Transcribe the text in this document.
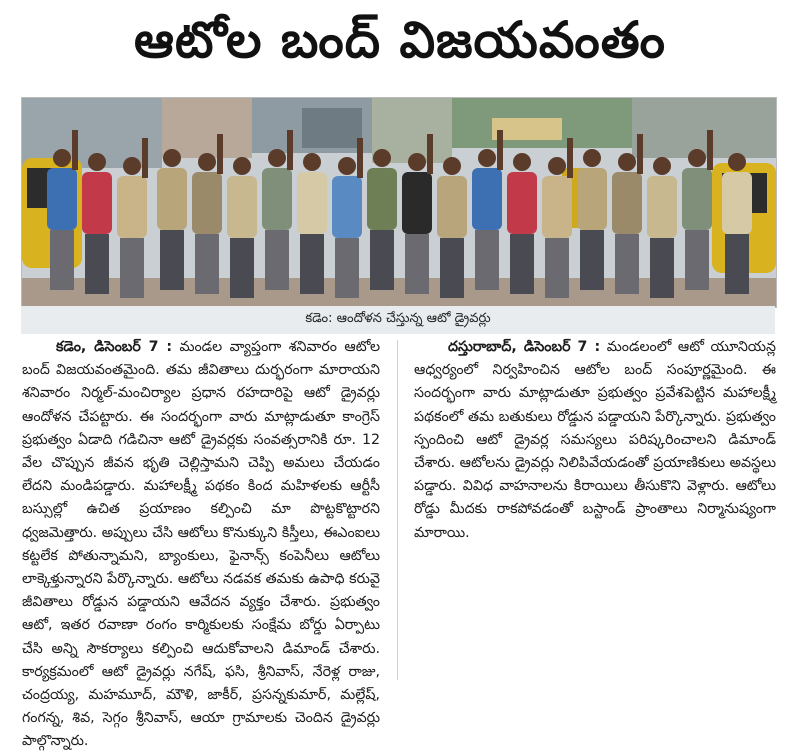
ఆటోల బంద్‌ విజయవంతం
కడెం: ఆందోళన చేస్తున్న ఆటో డ్రైవర్లు

కడెం, డిసెంబర్‌ 7 : మండల వ్యాప్తంగా శనివారం ఆటోల బంద్‌ విజయవంతమైంది. తమ జీవితాలు దుర్భరంగా మారాయని శనివారం నిర్మల్‌-మంచిర్యాల ప్రధాన రహదారిపై ఆటో డ్రైవర్లు ఆందోళన చేపట్టారు. ఈ సందర్భంగా వారు మాట్లాడుతూ కాంగ్రెస్‌ ప్రభుత్వం ఏడాది గడిచినా ఆటో డ్రైవర్లకు సంవత్సరానికి రూ. 12 వేల చొప్పున జీవన భృతి చెల్లిస్తామని చెప్పి అమలు చేయడం లేదని మండిపడ్డారు. మహాలక్ష్మీ పథకం కింద మహిళలకు ఆర్టీసీ బస్సుల్లో ఉచిత ప్రయాణం కల్పించి మా పొట్టకొట్టారని ధ్వజమెత్తారు. అప్పులు చేసి ఆటోలు కొనుక్కుని కిస్తీలు, ఈఎంఐలు కట్టలేక పోతున్నామని, బ్యాంకులు, ఫైనాన్స్‌ కంపెనీలు ఆటోలు లాక్కెళ్తున్నారని పేర్కొన్నారు. ఆటోలు నడవక తమకు ఉపాధి కరువై జీవితాలు రోడ్డున పడ్డాయని ఆవేదన వ్యక్తం చేశారు. ప్రభుత్వం ఆటో, ఇతర రవాణా రంగం కార్మికులకు సంక్షేమ బోర్డు ఏర్పాటు చేసి అన్ని సౌకర్యాలు కల్పించి ఆదుకోవాలని డిమాండ్‌ చేశారు. కార్యక్రమంలో ఆటో డ్రైవర్లు నగేష్‌, ఫసి, శ్రీనివాస్‌, నేరెళ్ల రాజు, చంద్రయ్య, మహమూద్‌, మౌళి, జాకీర్‌, ప్రసన్నకుమార్‌, మల్లేష్‌, గంగన్న, శివ, సెగ్గం శ్రీనివాస్‌, ఆయా గ్రామాలకు చెందిన డ్రైవర్లు పాల్గొన్నారు.

దస్తురాబాద్‌, డిసెంబర్‌ 7 : మండలంలో ఆటో యూనియన్ల ఆధ్వర్యంలో నిర్వహించిన ఆటోల బంద్‌ సంపూర్ణమైంది. ఈ సందర్భంగా వారు మాట్లాడుతూ ప్రభుత్వం ప్రవేశపెట్టిన మహాలక్ష్మీ పథకంలో తమ బతుకులు రోడ్డున పడ్డాయని పేర్కొన్నారు. ప్రభుత్వం స్పందించి ఆటో డ్రైవర్ల సమస్యలు పరిష్కరించాలని డిమాండ్‌ చేశారు. ఆటోలను డ్రైవర్లు నిలిపివేయడంతో ప్రయాణికులు అవస్థలు పడ్డారు. వివిధ వాహనాలను కిరాయిలు తీసుకొని వెళ్లారు. ఆటోలు రోడ్డు మీదకు రాకపోవడంతో బస్టాండ్‌ ప్రాంతాలు నిర్మానుష్యంగా మారాయి.
